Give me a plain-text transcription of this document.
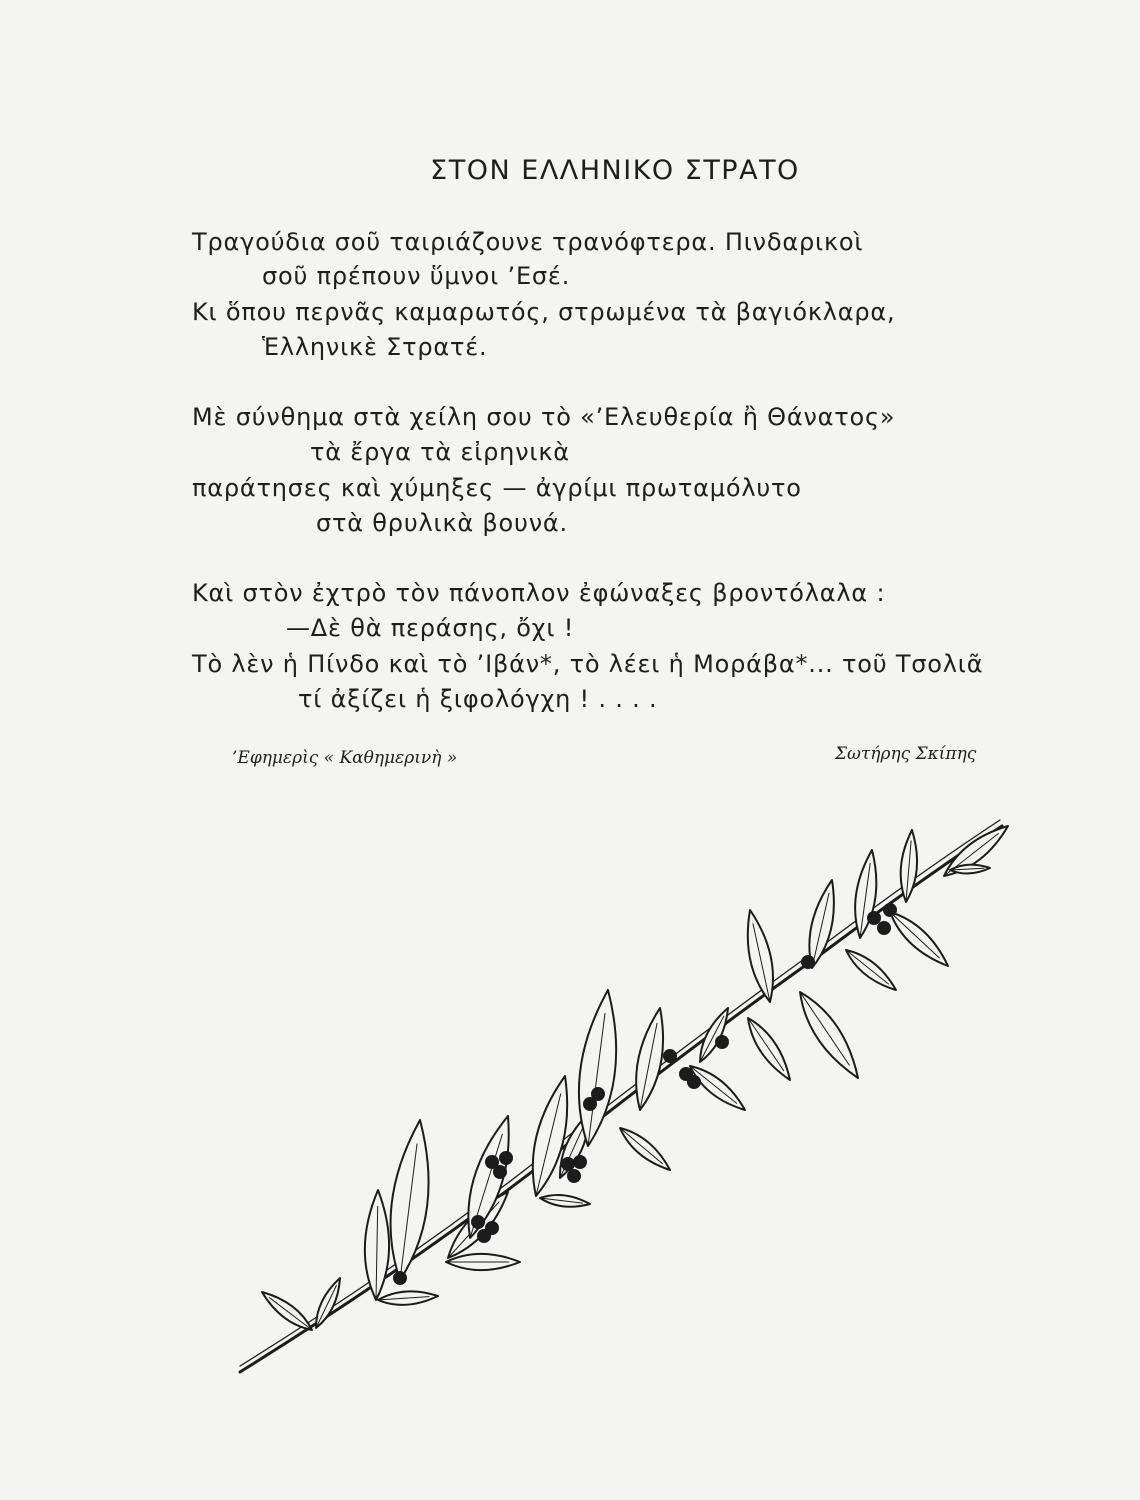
ΣΤΟΝ ΕΛΛΗΝΙΚΟ ΣΤΡΑΤΟ
Τραγούδια σοῦ ταιριάζουνε τρανόφτερα. Πινδαρικοὶ
σοῦ πρέπουν ὕμνοι ’Εσέ.
Κι ὅπου περνᾶς καμαρωτός, στρωμένα τὰ βαγιόκλαρα,
Ἑλληνικὲ Στρατέ.
Μὲ σύνθημα στὰ χείλη σου τὸ «’Ελευθερία ἢ Θάνατος»
τὰ ἔργα τὰ εἰρηνικὰ
παράτησες καὶ χύμηξες — ἀγρίμι πρωταμόλυτο
στὰ θρυλικὰ βουνά.
Καὶ στὸν ἐχτρὸ τὸν πάνοπλον ἐφώναξες βροντόλαλα :
—Δὲ θὰ περάσης, ὄχι !
Τὸ λὲν ἡ Πίνδο καὶ τὸ ’Ιβάν*, τὸ λέει ἡ Μοράβα*... τοῦ Τσολιᾶ
τί ἀξίζει ἡ ξιφολόγχη ! . . . .
’Εφημερὶς « Καθημερινὴ »	Σωτήρης Σκίπης
